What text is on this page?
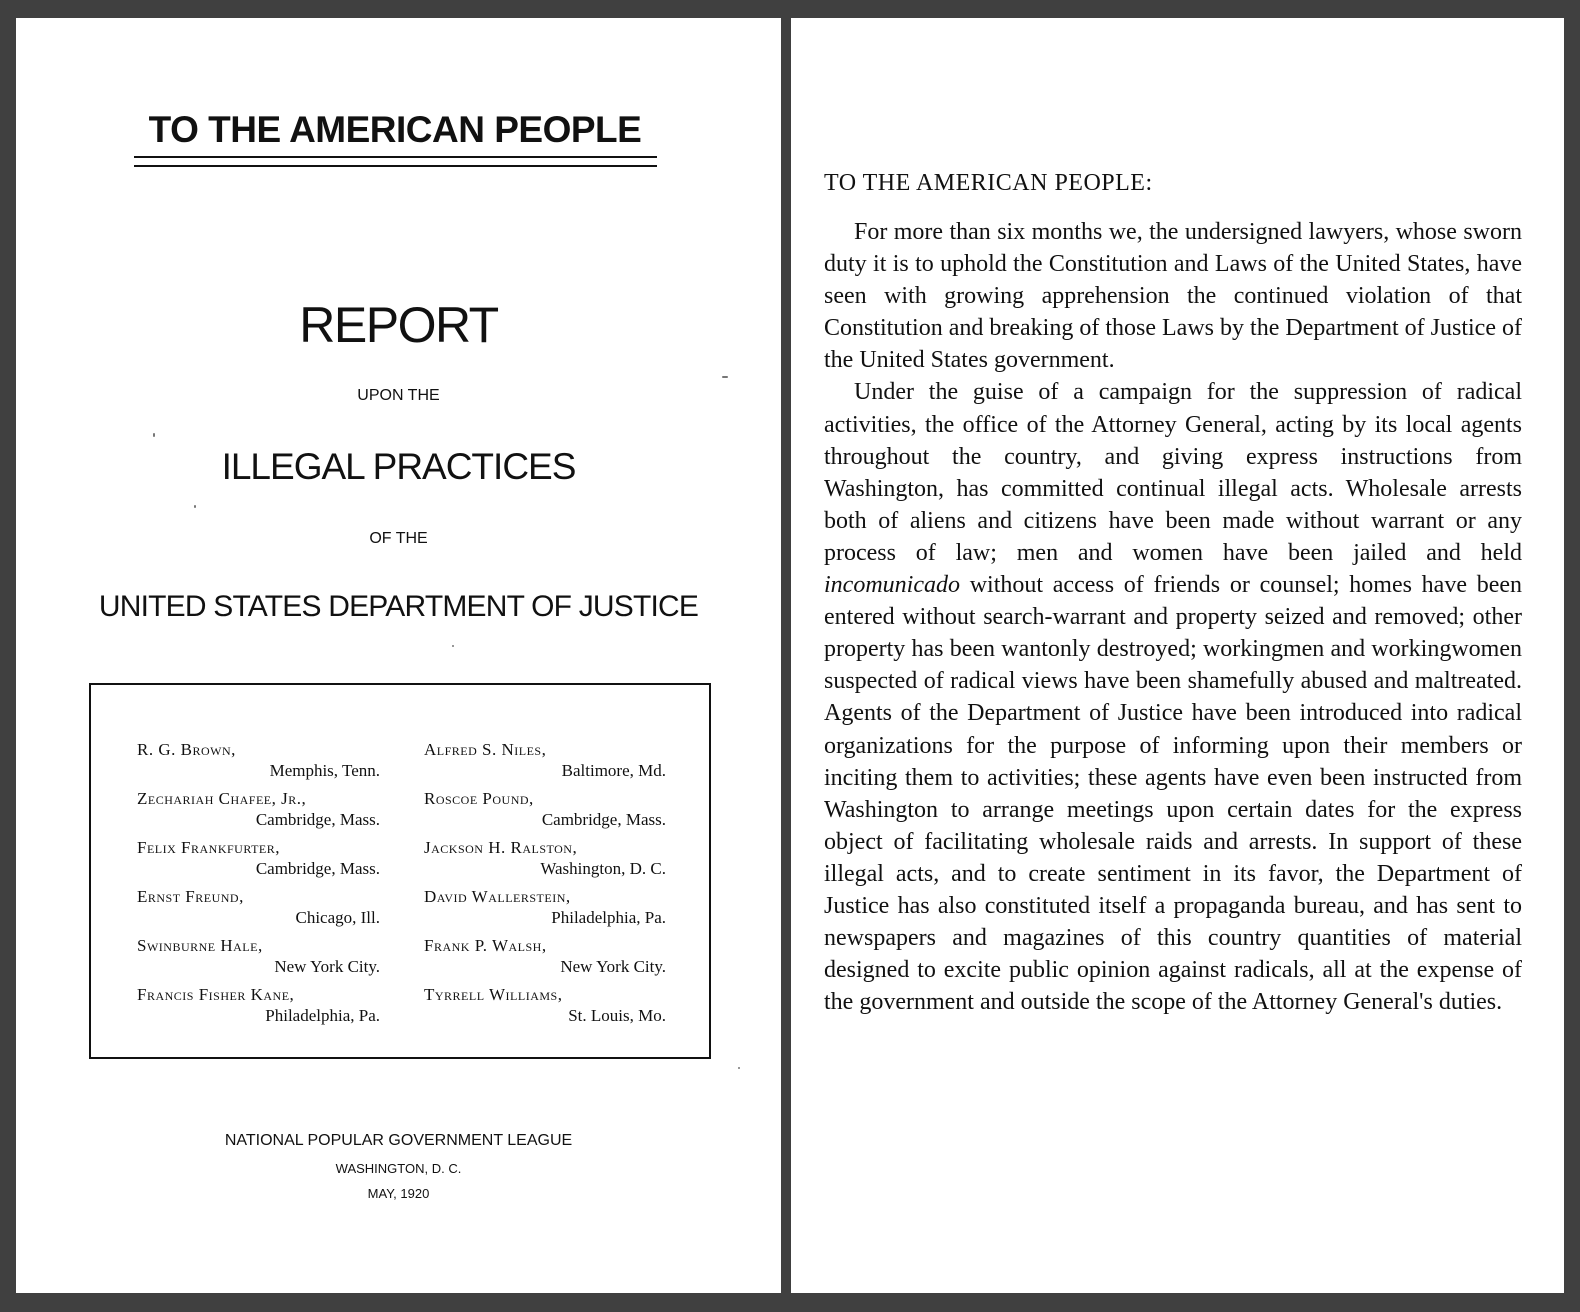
TO THE AMERICAN PEOPLE
REPORT
UPON THE
ILLEGAL PRACTICES
OF THE
UNITED STATES DEPARTMENT OF JUSTICE
R. G. Brown,
Memphis, Tenn.
Zechariah Chafee, Jr.,
Cambridge, Mass.
Felix Frankfurter,
Cambridge, Mass.
Ernst Freund,
Chicago, Ill.
Swinburne Hale,
New York City.
Francis Fisher Kane,
Philadelphia, Pa.
Alfred S. Niles,
Baltimore, Md.
Roscoe Pound,
Cambridge, Mass.
Jackson H. Ralston,
Washington, D. C.
David Wallerstein,
Philadelphia, Pa.
Frank P. Walsh,
New York City.
Tyrrell Williams,
St. Louis, Mo.
NATIONAL POPULAR GOVERNMENT LEAGUE
WASHINGTON, D. C.
MAY, 1920
TO THE AMERICAN PEOPLE:

For more than six months we, the undersigned lawyers, whose sworn duty it is to uphold the Constitution and Laws of the United States, have seen with growing apprehension the continued violation of that Constitution and breaking of those Laws by the Department of Justice of the United States government.

Under the guise of a campaign for the suppression of radical activities, the office of the Attorney General, acting by its local agents throughout the country, and giving express instructions from Washington, has committed continual illegal acts. Wholesale arrests both of aliens and citizens have been made without warrant or any process of law; men and women have been jailed and held incomunicado without access of friends or counsel; homes have been entered without search-warrant and property seized and removed; other property has been wantonly destroyed; workingmen and workingwomen suspected of radical views have been shamefully abused and maltreated. Agents of the Department of Justice have been introduced into radical organizations for the purpose of informing upon their members or inciting them to activities; these agents have even been instructed from Washington to arrange meetings upon certain dates for the express object of facilitating wholesale raids and arrests. In support of these illegal acts, and to create sentiment in its favor, the Department of Justice has also constituted itself a propaganda bureau, and has sent to newspapers and magazines of this country quantities of material designed to excite public opinion against radicals, all at the expense of the government and outside the scope of the Attorney General's duties.
